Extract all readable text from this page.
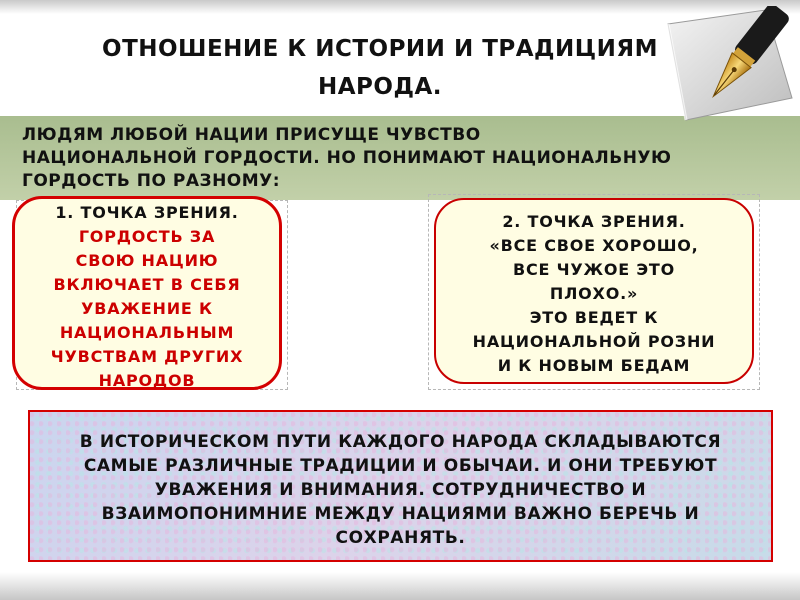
ОТНОШЕНИЕ К ИСТОРИИ И ТРАДИЦИЯМ
НАРОДА.
ЛЮДЯМ ЛЮБОЙ НАЦИИ ПРИСУЩЕ ЧУВСТВО
НАЦИОНАЛЬНОЙ ГОРДОСТИ. НО ПОНИМАЮТ НАЦИОНАЛЬНУЮ
ГОРДОСТЬ ПО РАЗНОМУ:
1. ТОЧКА ЗРЕНИЯ.
ГОРДОСТЬ ЗА
СВОЮ НАЦИЮ
ВКЛЮЧАЕТ В СЕБЯ
УВАЖЕНИЕ К
НАЦИОНАЛЬНЫМ
ЧУВСТВАМ ДРУГИХ
НАРОДОВ
2. ТОЧКА ЗРЕНИЯ.
«ВСЕ СВОЕ ХОРОШО,
ВСЕ ЧУЖОЕ ЭТО
ПЛОХО.»
ЭТО ВЕДЕТ К
НАЦИОНАЛЬНОЙ РОЗНИ
И К НОВЫМ БЕДАМ
В ИСТОРИЧЕСКОМ ПУТИ КАЖДОГО НАРОДА СКЛАДЫВАЮТСЯ
САМЫЕ РАЗЛИЧНЫЕ ТРАДИЦИИ И ОБЫЧАИ. И ОНИ ТРЕБУЮТ
УВАЖЕНИЯ И ВНИМАНИЯ. СОТРУДНИЧЕСТВО И
ВЗАИМОПОНИМНИЕ МЕЖДУ НАЦИЯМИ ВАЖНО БЕРЕЧЬ И
СОХРАНЯТЬ.
